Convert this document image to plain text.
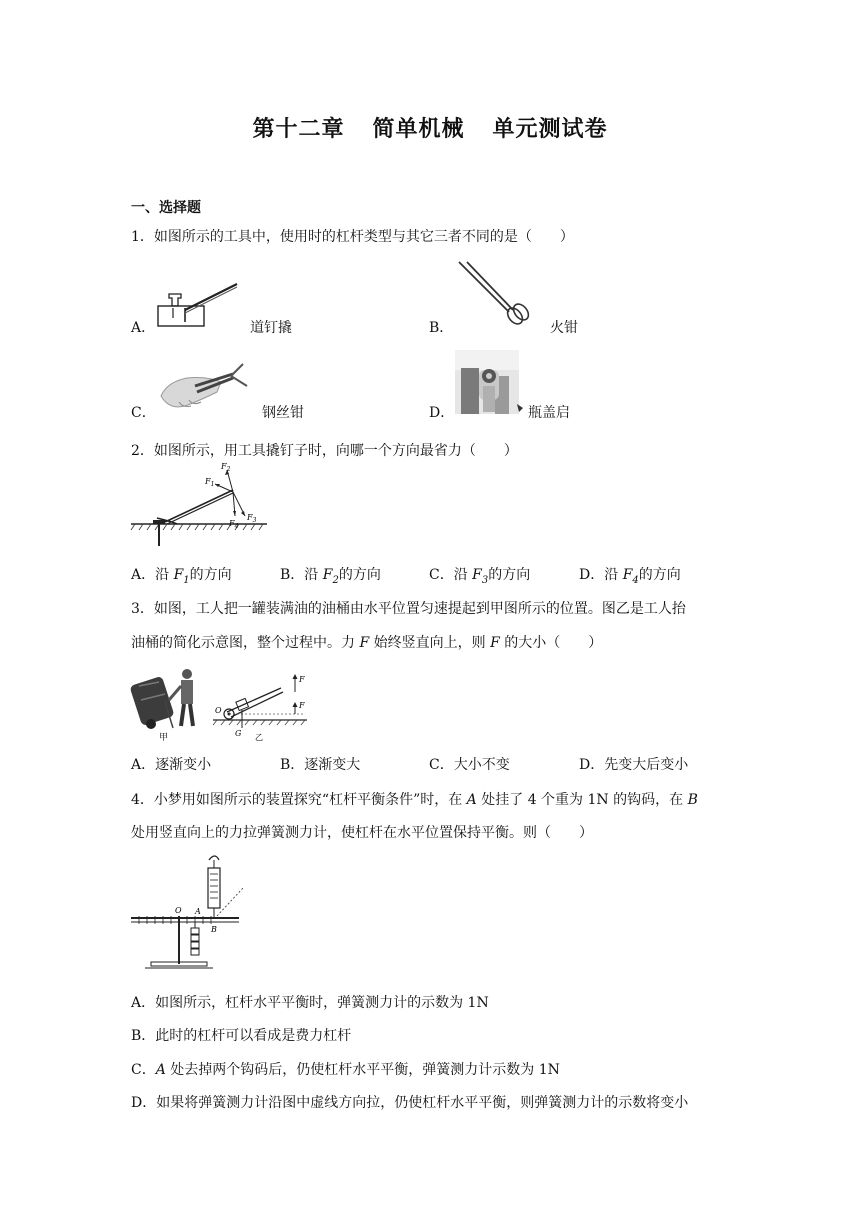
第十二章 简单机械 单元测试卷
一、选择题
1．如图所示的工具中，使用时的杠杆类型与其它三者不同的是（　　）
A．	道钉撬	B．	火钳
C．	钢丝钳	D．	瓶盖启
2．如图所示，用工具撬钉子时，向哪一个方向最省力（　　）
$F_2$
$F_1$
$F_3$
$F_4$
A．沿 $F_1$的方向	B．沿 $F_2$的方向	C．沿 $F_3$的方向	D．沿 $F_4$的方向
3．如图，工人把一罐装满油的油桶由水平位置匀速提起到甲图所示的位置。图乙是工人抬
油桶的简化示意图，整个过程中。力 F 始终竖直向上，则 F 的大小（　　）
甲
O
G
F
F
乙
A．逐渐变小	B．逐渐变大	C．大小不变	D．先变大后变小
4．小梦用如图所示的装置探究“杠杆平衡条件”时，在 A 处挂了 4 个重为 1N 的钩码，在 B
处用竖直向上的力拉弹簧测力计，使杠杆在水平位置保持平衡。则（　　）
O A
B
A．如图所示，杠杆水平平衡时，弹簧测力计的示数为 1N
B．此时的杠杆可以看成是费力杠杆
C．A 处去掉两个钩码后，仍使杠杆水平平衡，弹簧测力计示数为 1N
D．如果将弹簧测力计沿图中虚线方向拉，仍使杠杆水平平衡，则弹簧测力计的示数将变小
